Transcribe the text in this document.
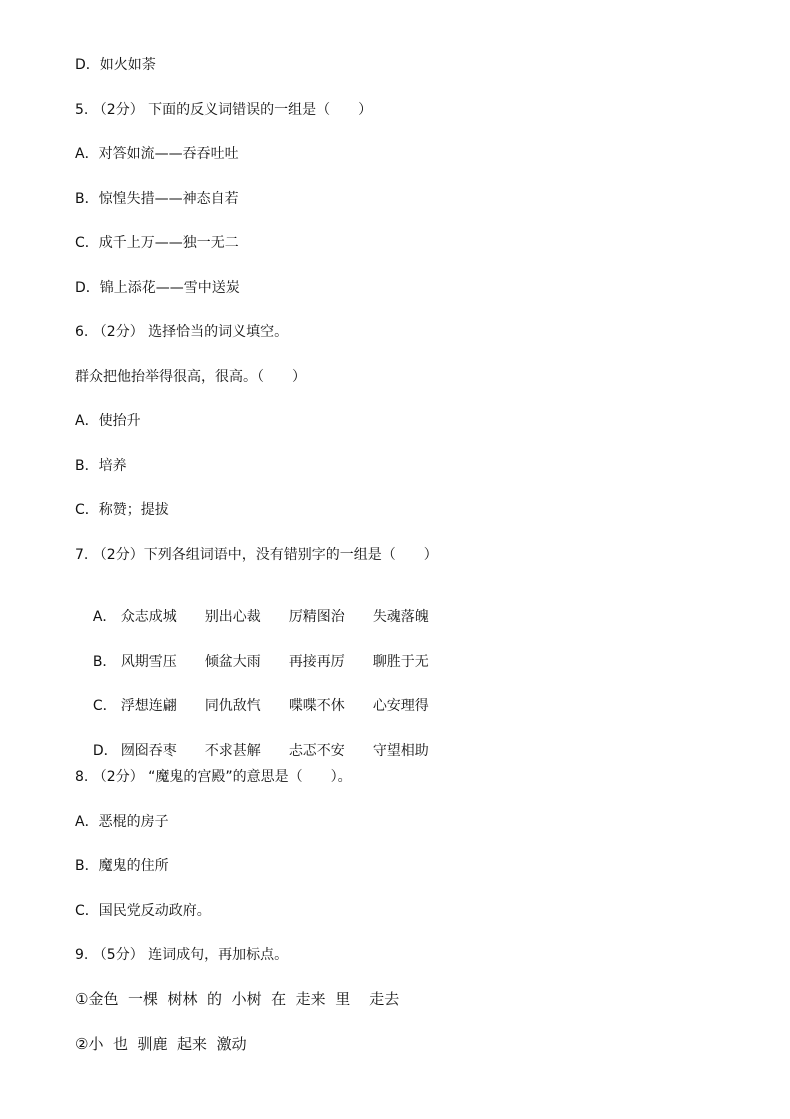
D．如火如荼
5. （2分） 下面的反义词错误的一组是（　　）
A．对答如流——吞吞吐吐
B．惊惶失措——神态自若
C．成千上万——独一无二
D．锦上添花——雪中送炭
6. （2分） 选择恰当的词义填空。
群众把他抬举得很高，很高。（　　）
A．使抬升
B．培养
C．称赞；提拔
7. （2分）下列各组词语中，没有错别字的一组是（　　）

A． 众志成城 别出心裁 厉精图治 失魂落魄

B． 风期雪压 倾盆大雨 再接再厉 聊胜于无

C． 浮想连翩 同仇敌忾 喋喋不休 心安理得

D． 囫囵吞枣 不求甚解 忐忑不安 守望相助

8. （2分） “魔鬼的宫殿”的意思是（　　）。
A．恶棍的房子
B．魔鬼的住所
C．国民党反动政府。
9. （5分） 连词成句，再加标点。
①金色  一棵  树林  的  小树  在  走来  里    走去
②小  也  驯鹿  起来  激动
